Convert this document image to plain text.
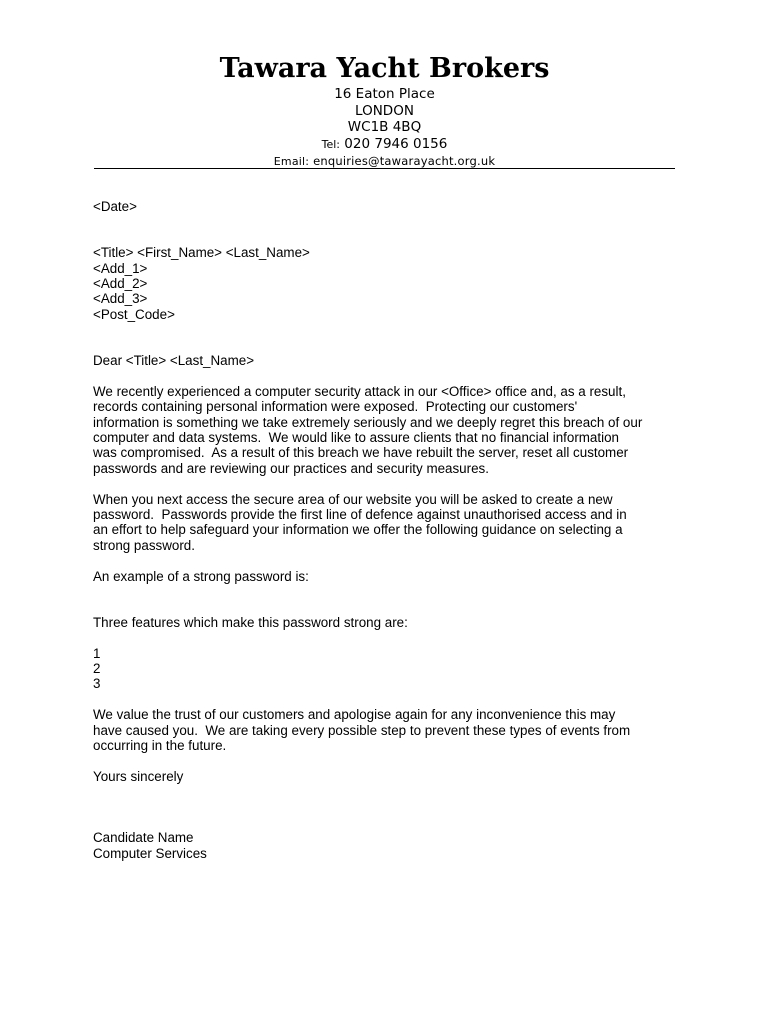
Tawara Yacht Brokers
16 Eaton Place
LONDON
WC1B 4BQ
Tel: 020 7946 0156
Email: enquiries@tawarayacht.org.uk
<Date>
<Title> <First_Name> <Last_Name>
<Add_1>
<Add_2>
<Add_3>
<Post_Code>
Dear <Title> <Last_Name>
We recently experienced a computer security attack in our <Office> office and, as a result,
records containing personal information were exposed.  Protecting our customers'
information is something we take extremely seriously and we deeply regret this breach of our
computer and data systems.  We would like to assure clients that no financial information
was compromised.  As a result of this breach we have rebuilt the server, reset all customer
passwords and are reviewing our practices and security measures.
When you next access the secure area of our website you will be asked to create a new
password.  Passwords provide the first line of defence against unauthorised access and in
an effort to help safeguard your information we offer the following guidance on selecting a
strong password.
An example of a strong password is:
Three features which make this password strong are:
1
2
3
We value the trust of our customers and apologise again for any inconvenience this may
have caused you.  We are taking every possible step to prevent these types of events from
occurring in the future.
Yours sincerely
Candidate Name
Computer Services
